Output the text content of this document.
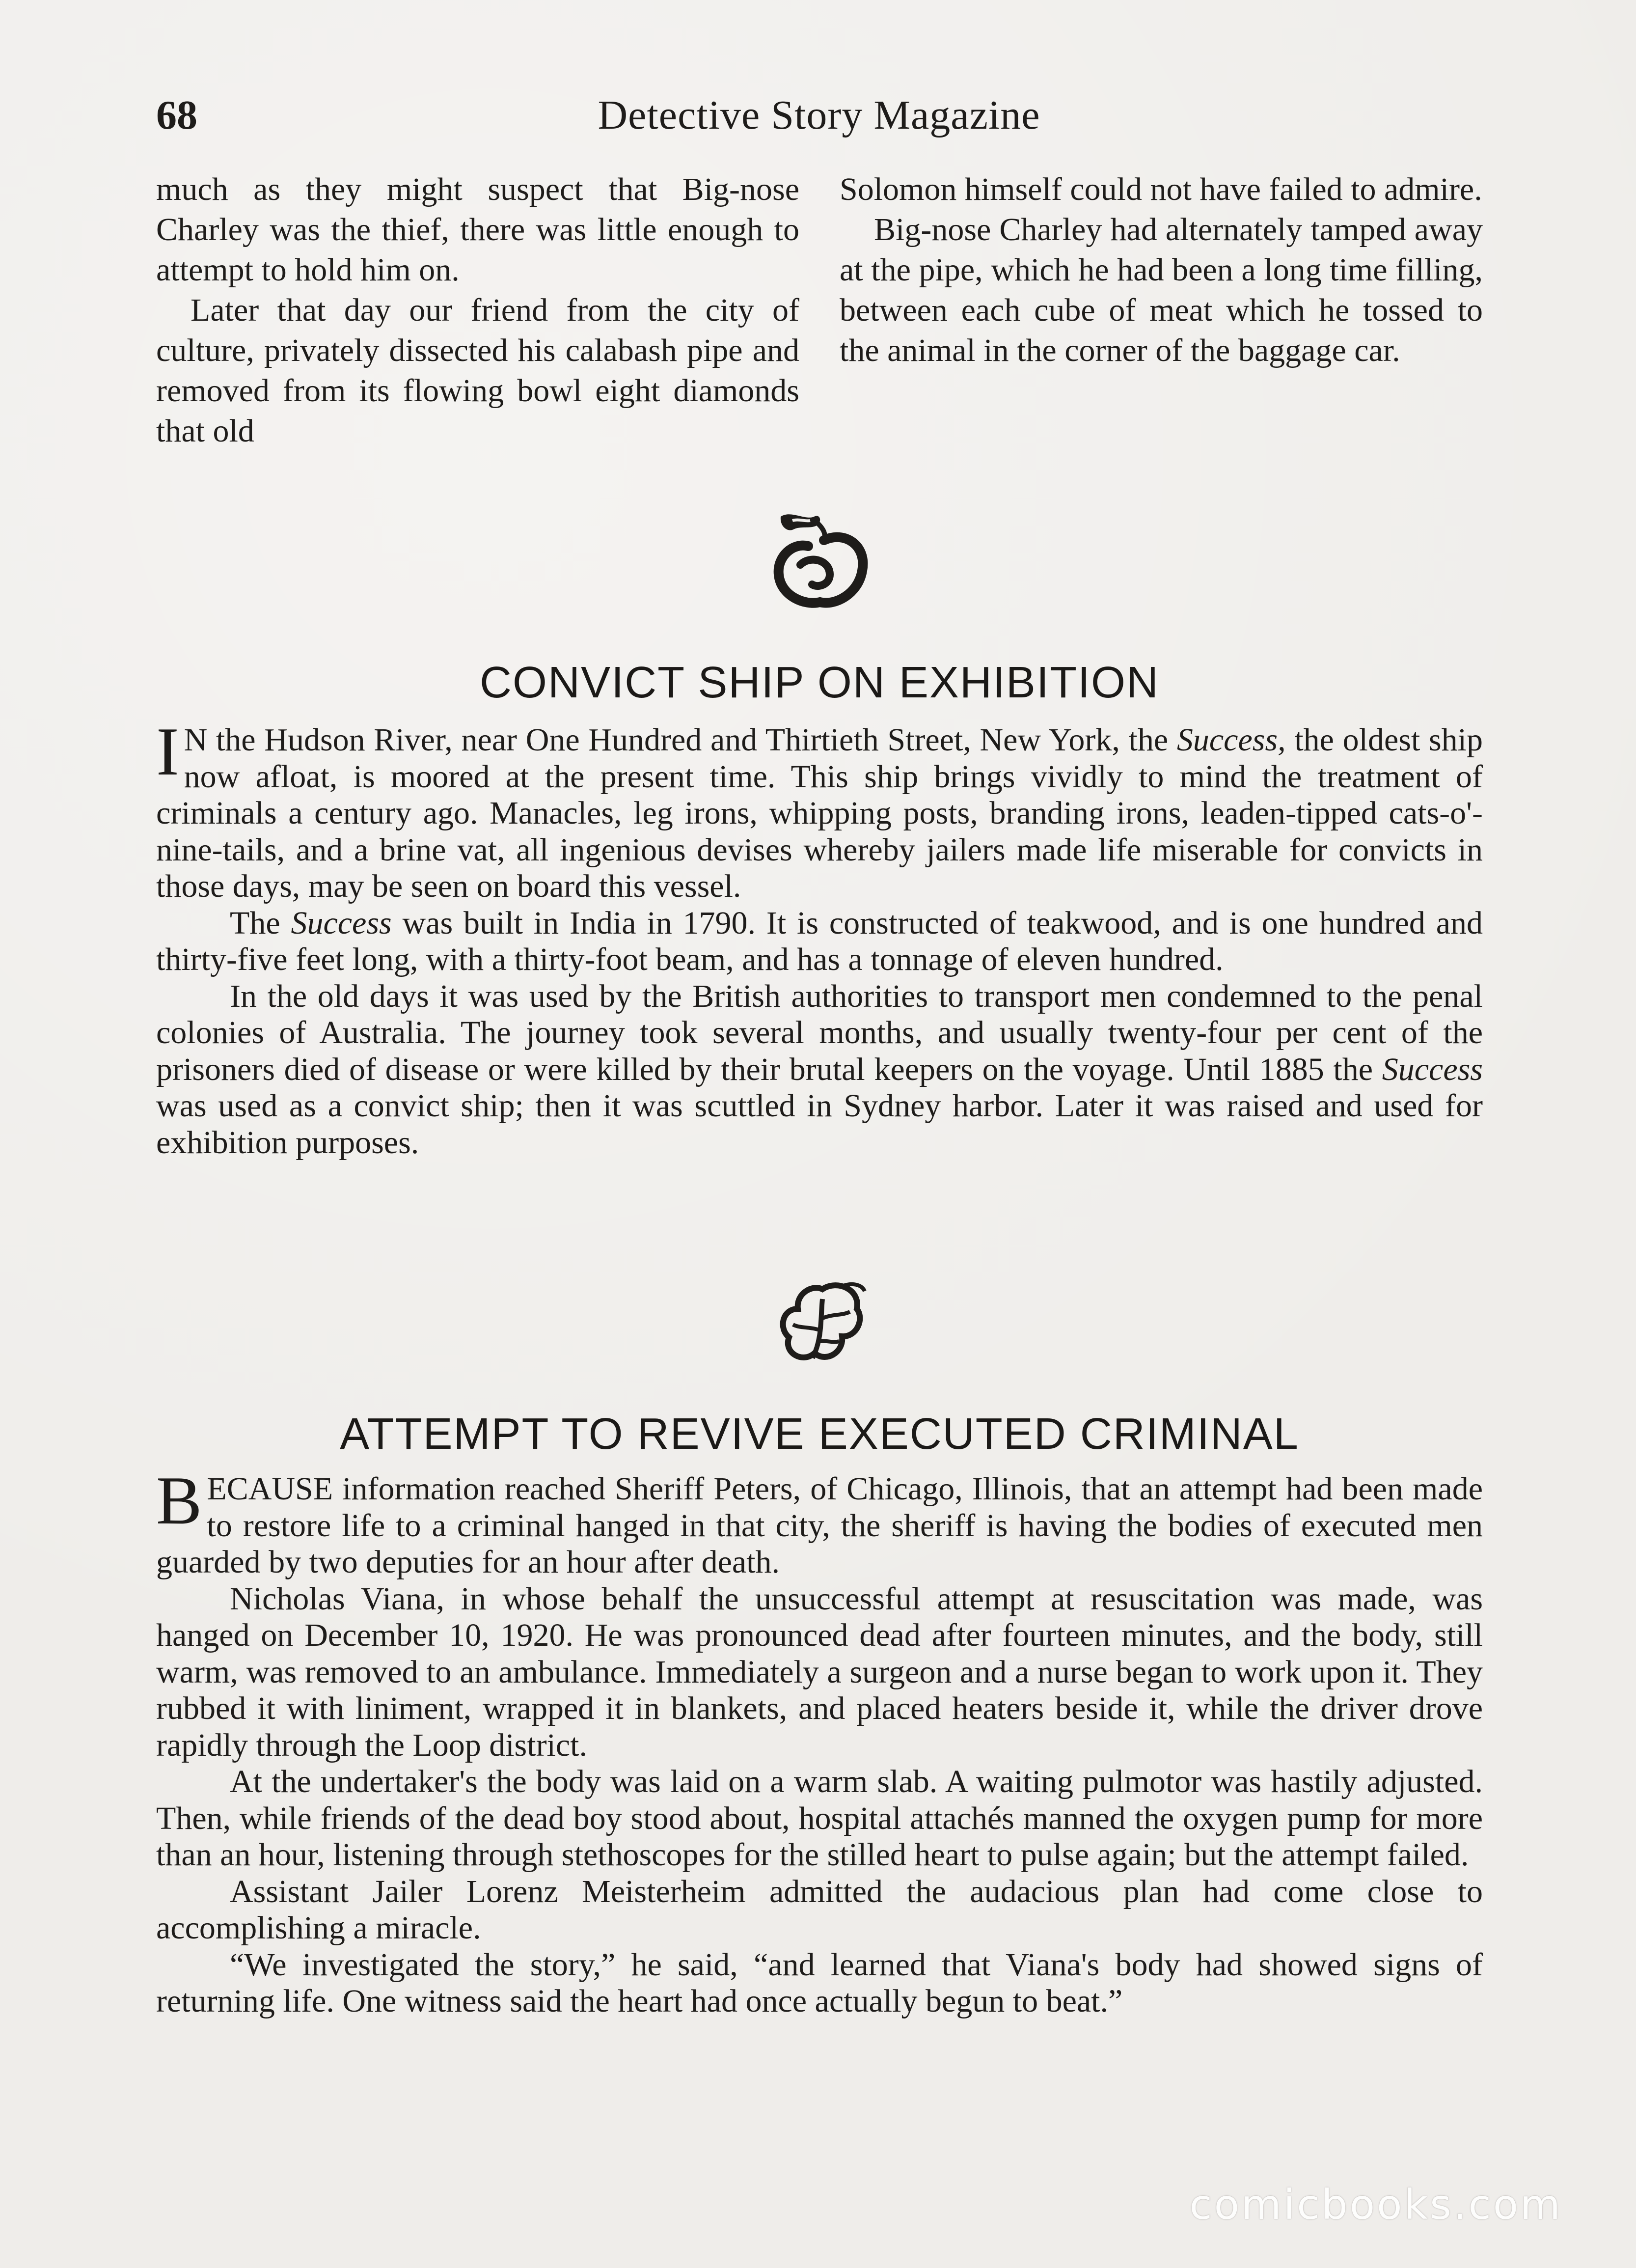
68	Detective Story Magazine

much as they might suspect that Big-nose Charley was the thief, there was little enough to attempt to hold him on.

Later that day our friend from the city of culture, privately dissected his calabash pipe and removed from its flowing bowl eight diamonds that old

Solomon himself could not have failed to admire.

Big-nose Charley had alternately tamped away at the pipe, which he had been a long time filling, between each cube of meat which he tossed to the animal in the corner of the baggage car.

CONVICT SHIP ON EXHIBITION

I N the Hudson River, near One Hundred and Thirtieth Street, New York, the Success, the oldest ship now afloat, is moored at the present time. This ship brings vividly to mind the treatment of criminals a century ago. Manacles, leg irons, whipping posts, branding irons, leaden-tipped cats-o'-nine-tails, and a brine vat, all ingenious devises whereby jailers made life miserable for convicts in those days, may be seen on board this vessel.

The Success was built in India in 1790. It is constructed of teakwood, and is one hundred and thirty-five feet long, with a thirty-foot beam, and has a tonnage of eleven hundred.

In the old days it was used by the British authorities to transport men condemned to the penal colonies of Australia. The journey took several months, and usually twenty-four per cent of the prisoners died of disease or were killed by their brutal keepers on the voyage. Until 1885 the Success was used as a convict ship; then it was scuttled in Sydney harbor. Later it was raised and used for exhibition purposes.

ATTEMPT TO REVIVE EXECUTED CRIMINAL

BECAUSE information reached Sheriff Peters, of Chicago, Illinois, that an attempt had been made to restore life to a criminal hanged in that city, the sheriff is having the bodies of executed men guarded by two deputies for an hour after death.

Nicholas Viana, in whose behalf the unsuccessful attempt at resuscitation was made, was hanged on December 10, 1920. He was pronounced dead after fourteen minutes, and the body, still warm, was removed to an ambulance. Immediately a surgeon and a nurse began to work upon it. They rubbed it with liniment, wrapped it in blankets, and placed heaters beside it, while the driver drove rapidly through the Loop district.

At the undertaker's the body was laid on a warm slab. A waiting pulmotor was hastily adjusted. Then, while friends of the dead boy stood about, hospital attachés manned the oxygen pump for more than an hour, listening through stethoscopes for the stilled heart to pulse again; but the attempt failed.

Assistant Jailer Lorenz Meisterheim admitted the audacious plan had come close to accomplishing a miracle.

“We investigated the story,” he said, “and learned that Viana's body had showed signs of returning life. One witness said the heart had once actually begun to beat.”

comicbooks.com
